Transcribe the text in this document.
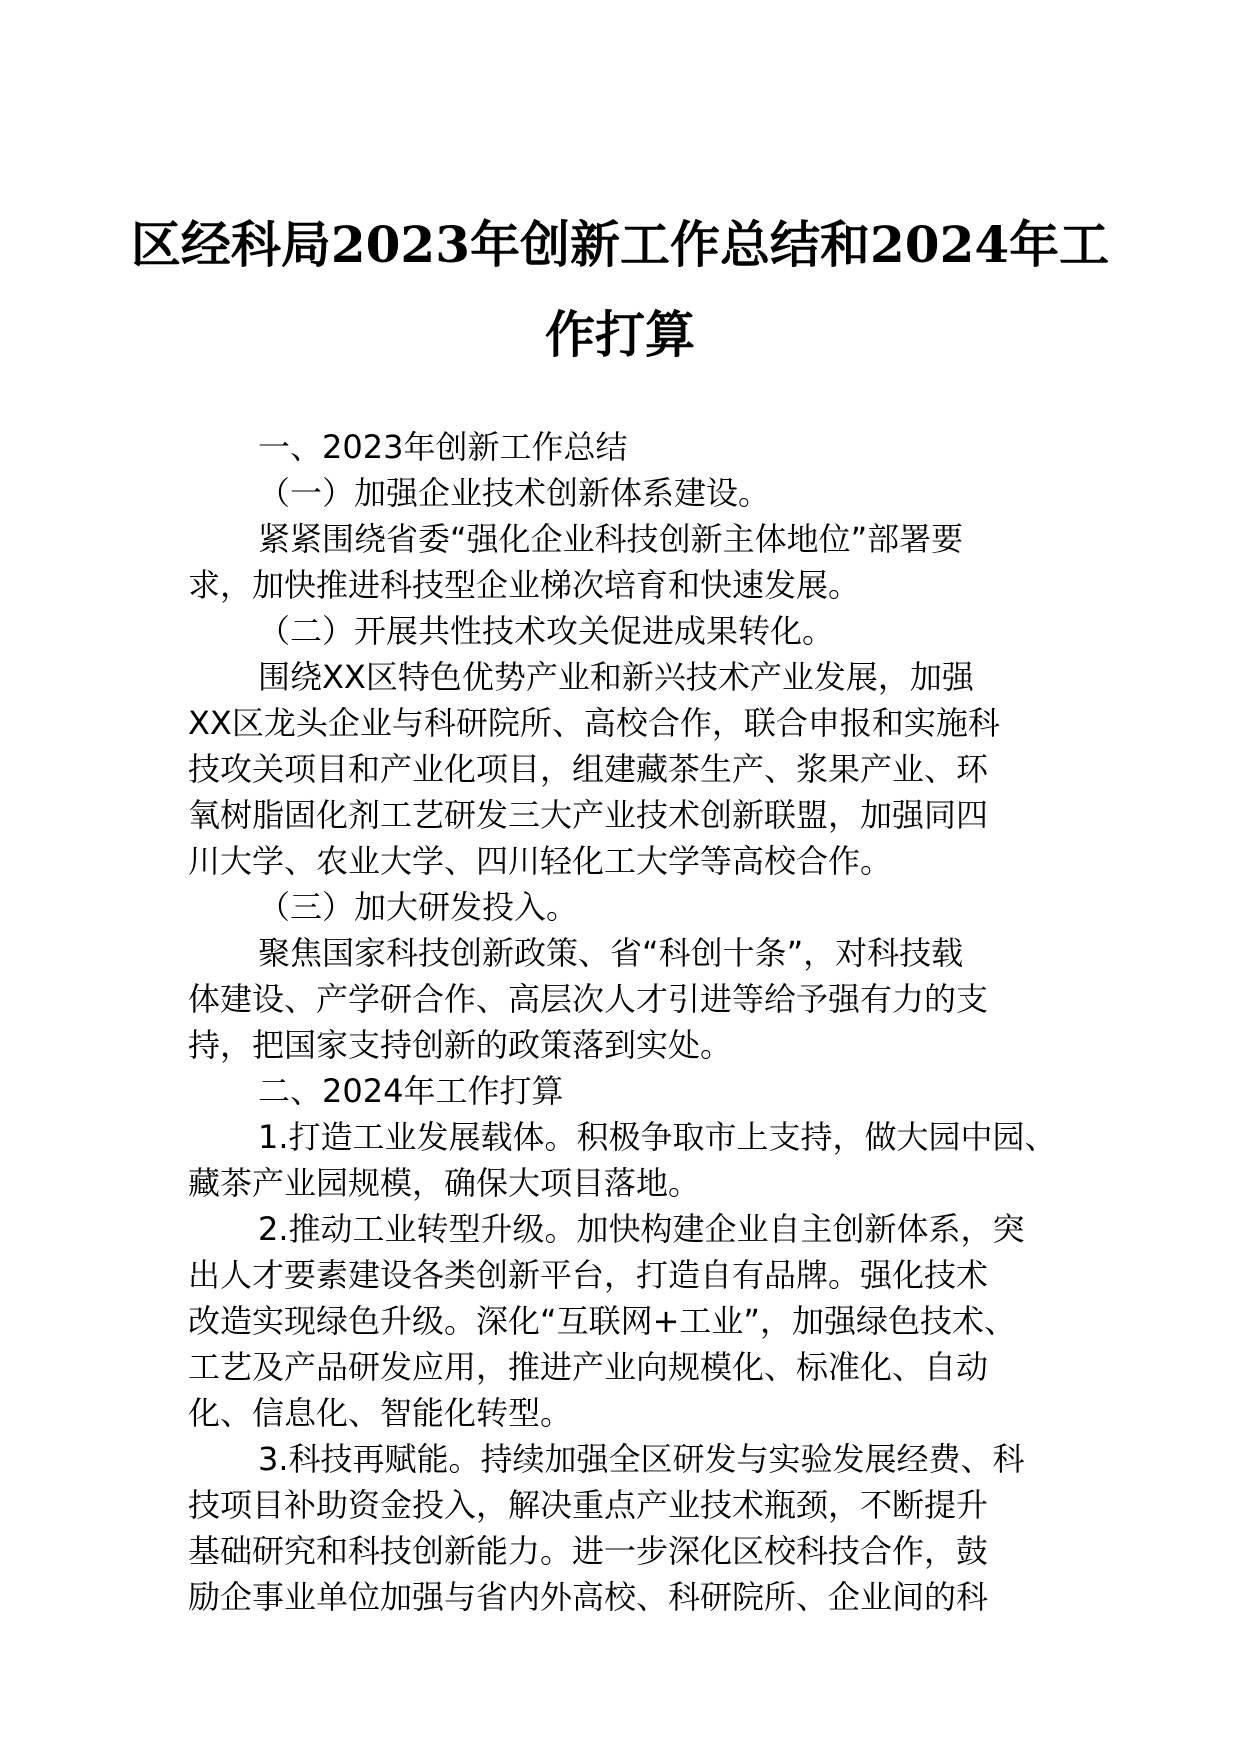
区经科局2023年创新工作总结和2024年工
作打算

一、2023年创新工作总结

（一）加强企业技术创新体系建设。

紧紧围绕省委“强化企业科技创新主体地位”部署要

求，加快推进科技型企业梯次培育和快速发展。

（二）开展共性技术攻关促进成果转化。

围绕XX区特色优势产业和新兴技术产业发展，加强

XX区龙头企业与科研院所、高校合作，联合申报和实施科

技攻关项目和产业化项目，组建藏茶生产、浆果产业、环

氧树脂固化剂工艺研发三大产业技术创新联盟，加强同四

川大学、农业大学、四川轻化工大学等高校合作。

（三）加大研发投入。

聚焦国家科技创新政策、省“科创十条”，对科技载

体建设、产学研合作、高层次人才引进等给予强有力的支

持，把国家支持创新的政策落到实处。

二、2024年工作打算

1.打造工业发展载体。积极争取市上支持，做大园中园、

藏茶产业园规模，确保大项目落地。

2.推动工业转型升级。加快构建企业自主创新体系，突

出人才要素建设各类创新平台，打造自有品牌。强化技术

改造实现绿色升级。深化“互联网+工业”，加强绿色技术、

工艺及产品研发应用，推进产业向规模化、标准化、自动

化、信息化、智能化转型。

3.科技再赋能。持续加强全区研发与实验发展经费、科

技项目补助资金投入，解决重点产业技术瓶颈，不断提升

基础研究和科技创新能力。进一步深化区校科技合作，鼓

励企事业单位加强与省内外高校、科研院所、企业间的科
